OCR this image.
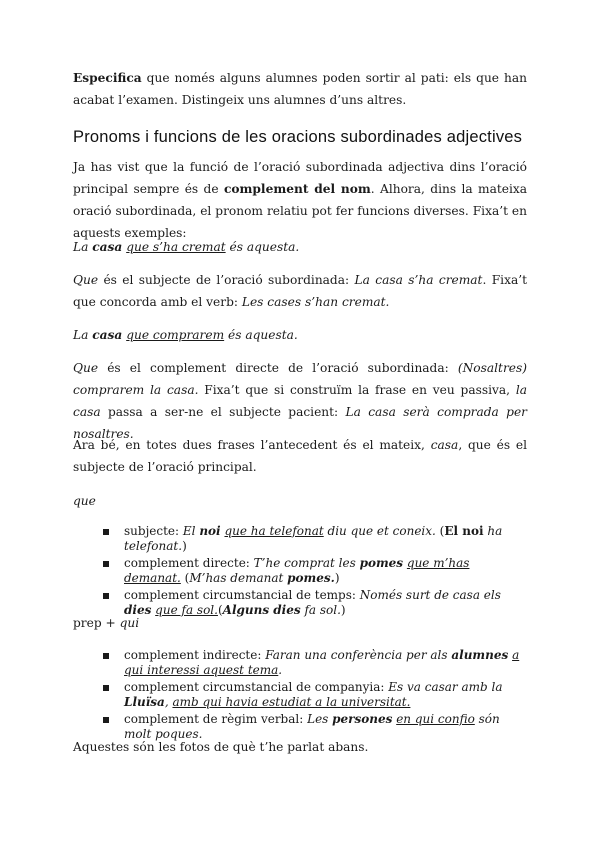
Especifica que només alguns alumnes poden sortir al pati: els que han acabat l’examen. Distingeix uns alumnes d’uns altres.

Pronoms i funcions de les oracions subordinades adjectives

Ja has vist que la funció de l’oració subordinada adjectiva dins l’oració principal sempre és de complement del nom. Alhora, dins la mateixa oració subordinada, el pronom relatiu pot fer funcions diverses. Fixa’t en aquests exemples:

La casa que s’ha cremat és aquesta.

Que és el subjecte de l’oració subordinada: La casa s’ha cremat. Fixa’t que concorda amb el verb: Les cases s’han cremat.

La casa que comprarem és aquesta.

Que és el complement directe de l’oració subordinada: (Nosaltres) comprarem la casa. Fixa’t que si construïm la frase en veu passiva, la casa passa a ser-ne el subjecte pacient: La casa serà comprada per nosaltres.

Ara bé, en totes dues frases l’antecedent és el mateix, casa, que és el subjecte de l’oració principal.

que

subjecte: El noi que ha telefonat diu que et coneix. (El noi ha telefonat.)
complement directe: T’he comprat les pomes que m’has demanat. (M’has demanat pomes.)
complement circumstancial de temps: Només surt de casa els dies que fa sol.(Alguns dies fa sol.)

prep + qui

complement indirecte: Faran una conferència per als alumnes a qui interessi aquest tema.
complement circumstancial de companyia: Es va casar amb la Lluïsa, amb qui havia estudiat a la universitat.
complement de règim verbal: Les persones en qui confio són molt poques.

Aquestes són les fotos de què t’he parlat abans.
